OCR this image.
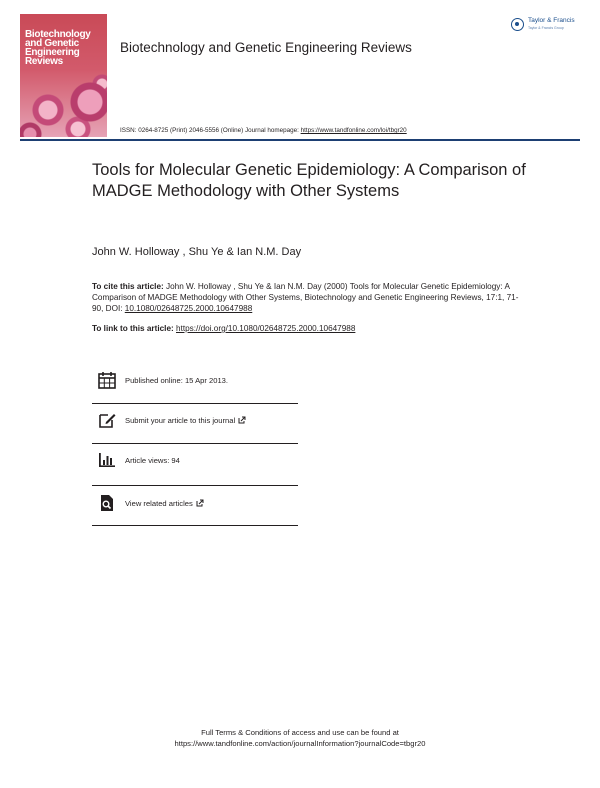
Biotechnology and Genetic Engineering Reviews
Biotechnology and Genetic Engineering Reviews
ISSN: 0264-8725 (Print) 2046-5556 (Online) Journal homepage: https://www.tandfonline.com/loi/tbgr20
Taylor & Francis
Taylor & Francis Group
Tools for Molecular Genetic Epidemiology: A Comparison of MADGE Methodology with Other Systems
John W. Holloway , Shu Ye & Ian N.M. Day
To cite this article: John W. Holloway , Shu Ye & Ian N.M. Day (2000) Tools for Molecular Genetic Epidemiology: A Comparison of MADGE Methodology with Other Systems, Biotechnology and Genetic Engineering Reviews, 17:1, 71-90, DOI: 10.1080/02648725.2000.10647988
To link to this article: https://doi.org/10.1080/02648725.2000.10647988
Published online: 15 Apr 2013.
Submit your article to this journal
Article views: 94
View related articles
Full Terms & Conditions of access and use can be found at
https://www.tandfonline.com/action/journalInformation?journalCode=tbgr20
